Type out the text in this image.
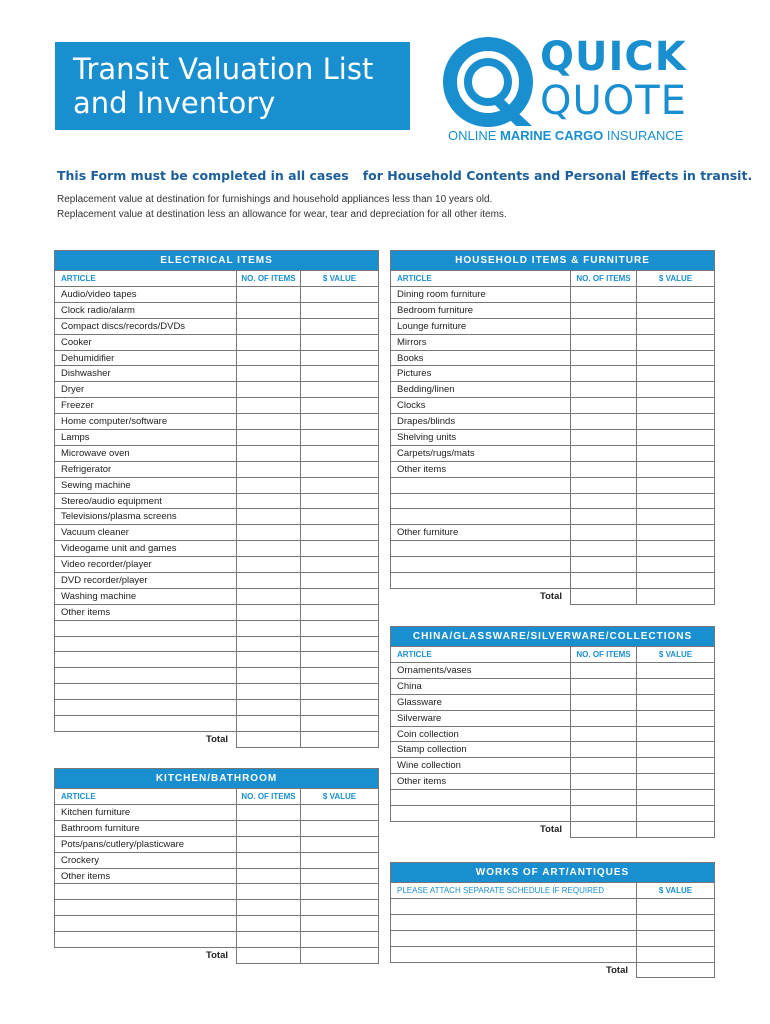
Transit Valuation List
and Inventory
QUICK
QUOTE
ONLINE MARINE CARGO INSURANCE
This Form must be completed in all cases for Household Contents and Personal Effects in transit.
Replacement value at destination for furnishings and household appliances less than 10 years old.
Replacement value at destination less an allowance for wear, tear and depreciation for all other items.
ELECTRICAL ITEMS		
ARTICLE	NO. OF ITEMS	$ VALUE
Audio/video tapes		
Clock radio/alarm		
Compact discs/records/DVDs		
Cooker		
Dehumidifier		
Dishwasher		
Dryer		
Freezer		
Home computer/software		
Lamps		
Microwave oven		
Refrigerator		
Sewing machine		
Stereo/audio equipment		
Televisions/plasma screens		
Vacuum cleaner		
Videogame unit and games		
Video recorder/player		
DVD recorder/player		
Washing machine		
Other items		

Total		
HOUSEHOLD ITEMS & FURNITURE		
ARTICLE	NO. OF ITEMS	$ VALUE
Dining room furniture		
Bedroom furniture		
Lounge furniture		
Mirrors		
Books		
Pictures		
Bedding/linen		
Clocks		
Drapes/blinds		
Shelving units		
Carpets/rugs/mats		
Other items		

Other furniture		

Total		
KITCHEN/BATHROOM		
ARTICLE	NO. OF ITEMS	$ VALUE
Kitchen furniture		
Bathroom furniture		
Pots/pans/cutlery/plasticware		
Crockery		
Other items		

Total		
CHINA/GLASSWARE/SILVERWARE/COLLECTIONS		
ARTICLE	NO. OF ITEMS	$ VALUE
Ornaments/vases		
China		
Glassware		
Silverware		
Coin collection		
Stamp collection		
Wine collection		
Other items		

Total		
WORKS OF ART/ANTIQUES	
PLEASE ATTACH SEPARATE SCHEDULE IF REQUIRED	$ VALUE

Total	
